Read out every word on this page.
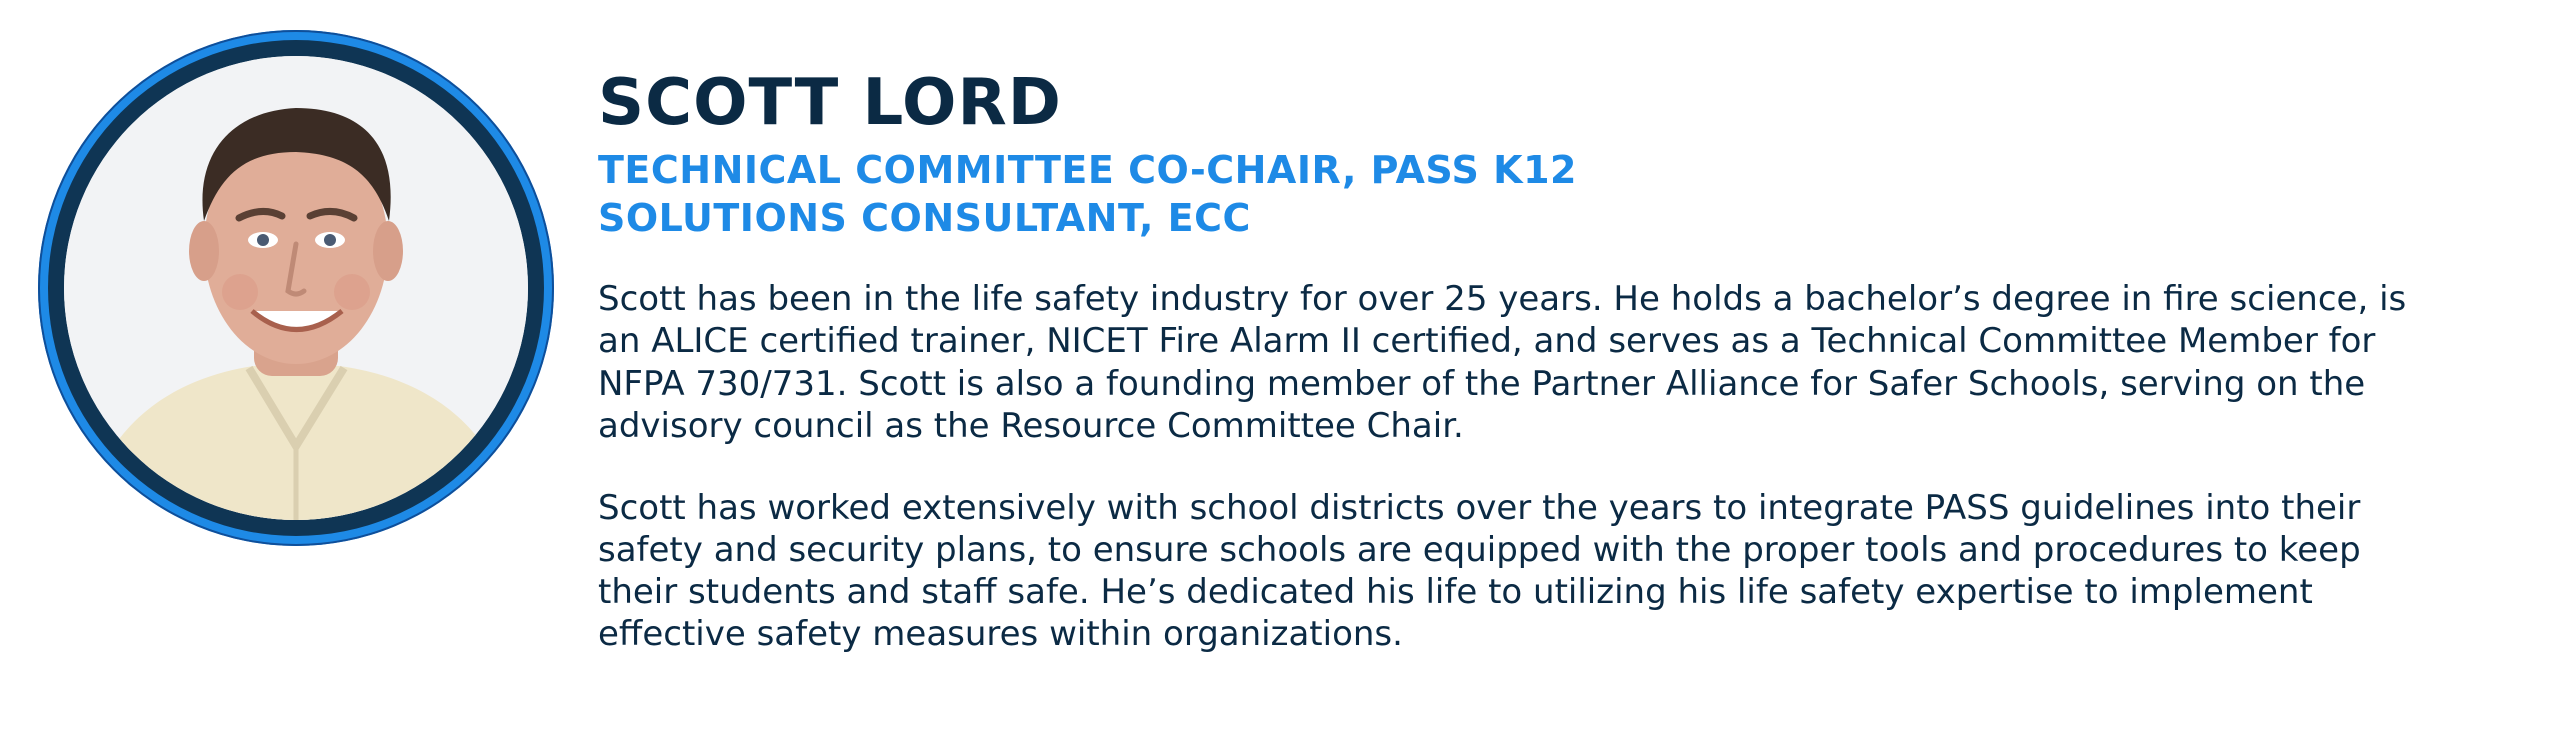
SCOTT LORD

TECHNICAL COMMITTEE CO-CHAIR, PASS K12

SOLUTIONS CONSULTANT, ECC

Scott has been in the life safety industry for over 25 years. He holds a bachelor’s degree in fire science, is an ALICE certified trainer, NICET Fire Alarm II certified, and serves as a Technical Committee Member for NFPA 730/731. Scott is also a founding member of the Partner Alliance for Safer Schools, serving on the advisory council as the Resource Committee Chair.

Scott has worked extensively with school districts over the years to integrate PASS guidelines into their safety and security plans, to ensure schools are equipped with the proper tools and procedures to keep their students and staff safe. He’s dedicated his life to utilizing his life safety expertise to implement effective safety measures within organizations.
